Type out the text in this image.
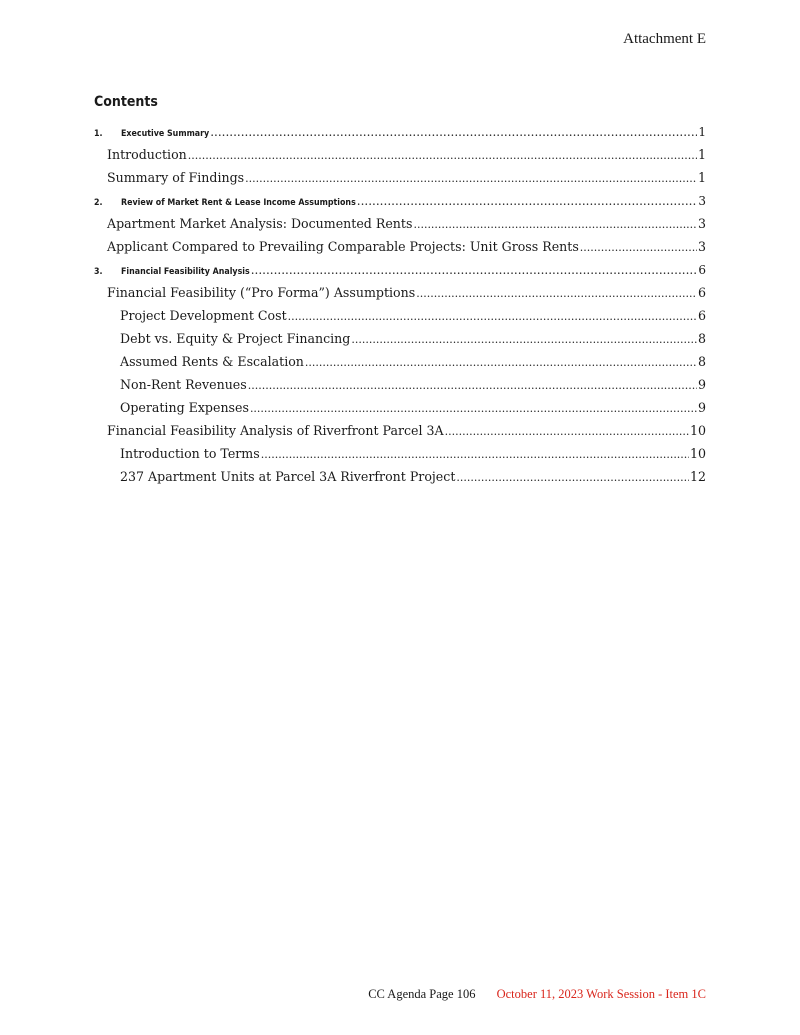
Attachment E
Contents
1. Executive Summary .....	1
Introduction .....	1
Summary of Findings .....	1
2. Review of Market Rent & Lease Income Assumptions .....	3
Apartment Market Analysis: Documented Rents .....	3
Applicant Compared to Prevailing Comparable Projects: Unit Gross Rents .....	3
3. Financial Feasibility Analysis .....	6
Financial Feasibility (“Pro Forma”) Assumptions .....	6
Project Development Cost .....	6
Debt vs. Equity & Project Financing .....	8
Assumed Rents & Escalation .....	8
Non-Rent Revenues .....	9
Operating Expenses .....	9
Financial Feasibility Analysis of Riverfront Parcel 3A .....	10
Introduction to Terms .....	10
237 Apartment Units at Parcel 3A Riverfront Project .....	12
CC Agenda Page 106 October 11, 2023 Work Session - Item 1C
